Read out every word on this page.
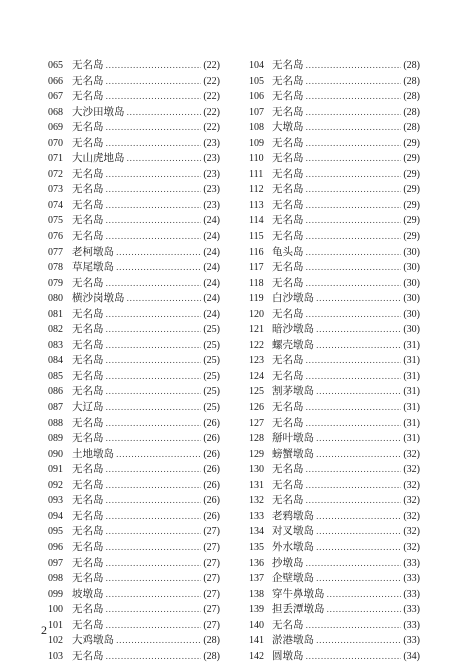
065 无名岛 .....	(22)
066 无名岛 .....	(22)
067 无名岛 .....	(22)
068 大沙田墩岛 .....	(22)
069 无名岛 .....	(22)
070 无名岛 .....	(23)
071 大山虎地岛 .....	(23)
072 无名岛 .....	(23)
073 无名岛 .....	(23)
074 无名岛 .....	(23)
075 无名岛 .....	(24)
076 无名岛 .....	(24)
077 老柯墩岛 .....	(24)
078 草尾墩岛 .....	(24)
079 无名岛 .....	(24)
080 横沙岗墩岛 .....	(24)
081 无名岛 .....	(24)
082 无名岛 .....	(25)
083 无名岛 .....	(25)
084 无名岛 .....	(25)
085 无名岛 .....	(25)
086 无名岛 .....	(25)
087 大辽岛 .....	(25)
088 无名岛 .....	(26)
089 无名岛 .....	(26)
090 土地墩岛 .....	(26)
091 无名岛 .....	(26)
092 无名岛 .....	(26)
093 无名岛 .....	(26)
094 无名岛 .....	(26)
095 无名岛 .....	(27)
096 无名岛 .....	(27)
097 无名岛 .....	(27)
098 无名岛 .....	(27)
099 坡墩岛 .....	(27)
100 无名岛 .....	(27)
101 无名岛 .....	(27)
102 大鸡墩岛 .....	(28)
103 无名岛 .....	(28)
104 无名岛 .....	(28)
105 无名岛 .....	(28)
106 无名岛 .....	(28)
107 无名岛 .....	(28)
108 大墩岛 .....	(28)
109 无名岛 .....	(29)
110 无名岛 .....	(29)
111 无名岛 .....	(29)
112 无名岛 .....	(29)
113 无名岛 .....	(29)
114 无名岛 .....	(29)
115 无名岛 .....	(29)
116 龟头岛 .....	(30)
117 无名岛 .....	(30)
118 无名岛 .....	(30)
119 白沙墩岛 .....	(30)
120 无名岛 .....	(30)
121 暗沙墩岛 .....	(30)
122 螺壳墩岛 .....	(31)
123 无名岛 .....	(31)
124 无名岛 .....	(31)
125 割茅墩岛 .....	(31)
126 无名岛 .....	(31)
127 无名岛 .....	(31)
128 掰叶墩岛 .....	(31)
129 螃蟹墩岛 .....	(32)
130 无名岛 .....	(32)
131 无名岛 .....	(32)
132 无名岛 .....	(32)
133 老鸦墩岛 .....	(32)
134 对叉墩岛 .....	(32)
135 外水墩岛 .....	(32)
136 抄墩岛 .....	(33)
137 企壁墩岛 .....	(33)
138 穿牛鼻墩岛 .....	(33)
139 担丢潭墩岛 .....	(33)
140 无名岛 .....	(33)
141 淤港墩岛 .....	(33)
142 圆墩岛 .....	(34)
2
